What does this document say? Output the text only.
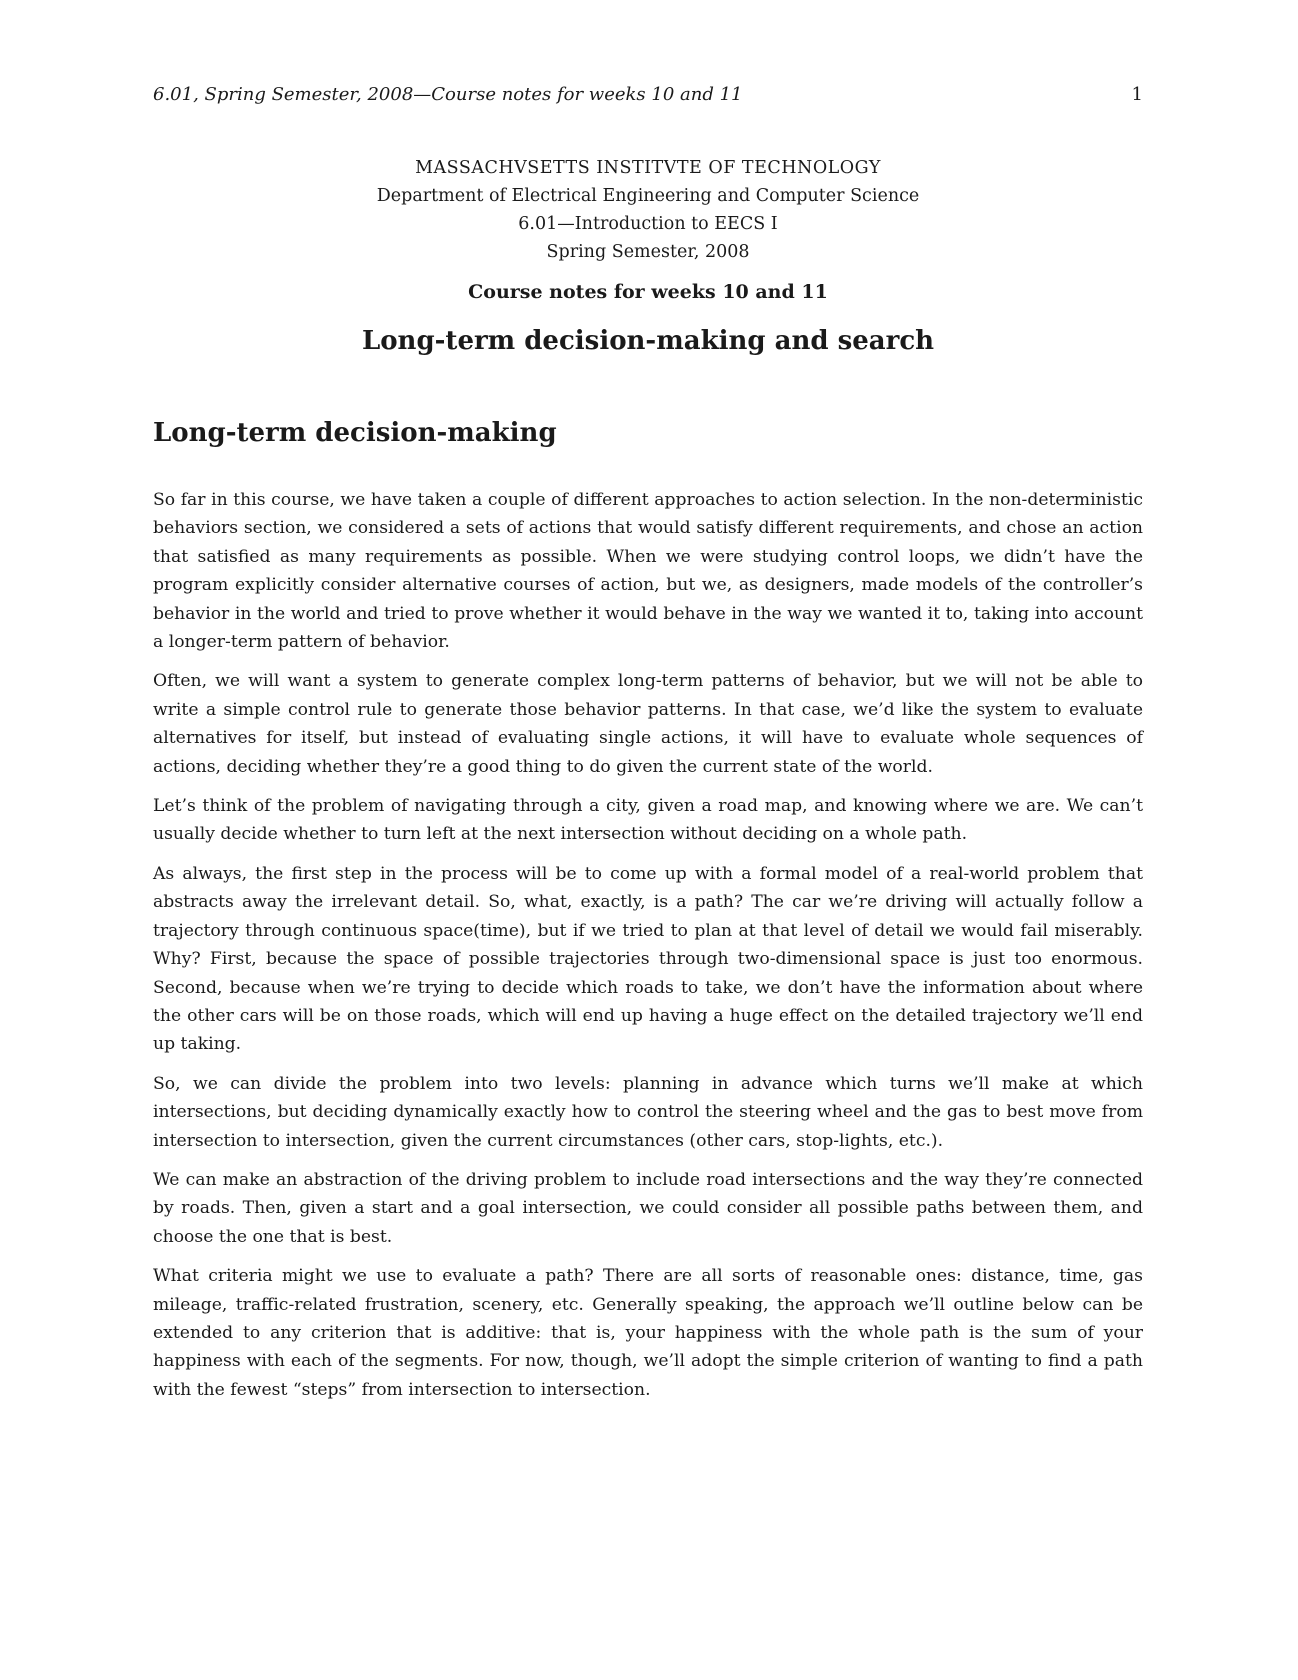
6.01, Spring Semester, 2008—Course notes for weeks 10 and 11	1
MASSACHVSETTS INSTITVTE OF TECHNOLOGY
Department of Electrical Engineering and Computer Science
6.01—Introduction to EECS I
Spring Semester, 2008
Course notes for weeks 10 and 11
Long-term decision-making and search
Long-term decision-making

So far in this course, we have taken a couple of different approaches to action selection. In the non-deterministic behaviors section, we considered a sets of actions that would satisfy different requirements, and chose an action that satisfied as many requirements as possible. When we were studying control loops, we didn’t have the program explicitly consider alternative courses of action, but we, as designers, made models of the controller’s behavior in the world and tried to prove whether it would behave in the way we wanted it to, taking into account a longer-term pattern of behavior.

Often, we will want a system to generate complex long-term patterns of behavior, but we will not be able to write a simple control rule to generate those behavior patterns. In that case, we’d like the system to evaluate alternatives for itself, but instead of evaluating single actions, it will have to evaluate whole sequences of actions, deciding whether they’re a good thing to do given the current state of the world.

Let’s think of the problem of navigating through a city, given a road map, and knowing where we are. We can’t usually decide whether to turn left at the next intersection without deciding on a whole path.

As always, the first step in the process will be to come up with a formal model of a real-world problem that abstracts away the irrelevant detail. So, what, exactly, is a path? The car we’re driving will actually follow a trajectory through continuous space(time), but if we tried to plan at that level of detail we would fail miserably. Why? First, because the space of possible trajectories through two-dimensional space is just too enormous. Second, because when we’re trying to decide which roads to take, we don’t have the information about where the other cars will be on those roads, which will end up having a huge effect on the detailed trajectory we’ll end up taking.

So, we can divide the problem into two levels: planning in advance which turns we’ll make at which intersections, but deciding dynamically exactly how to control the steering wheel and the gas to best move from intersection to intersection, given the current circumstances (other cars, stop-lights, etc.).

We can make an abstraction of the driving problem to include road intersections and the way they’re connected by roads. Then, given a start and a goal intersection, we could consider all possible paths between them, and choose the one that is best.

What criteria might we use to evaluate a path? There are all sorts of reasonable ones: distance, time, gas mileage, traffic-related frustration, scenery, etc. Generally speaking, the approach we’ll outline below can be extended to any criterion that is additive: that is, your happiness with the whole path is the sum of your happiness with each of the segments. For now, though, we’ll adopt the simple criterion of wanting to find a path with the fewest “steps” from intersection to intersection.
